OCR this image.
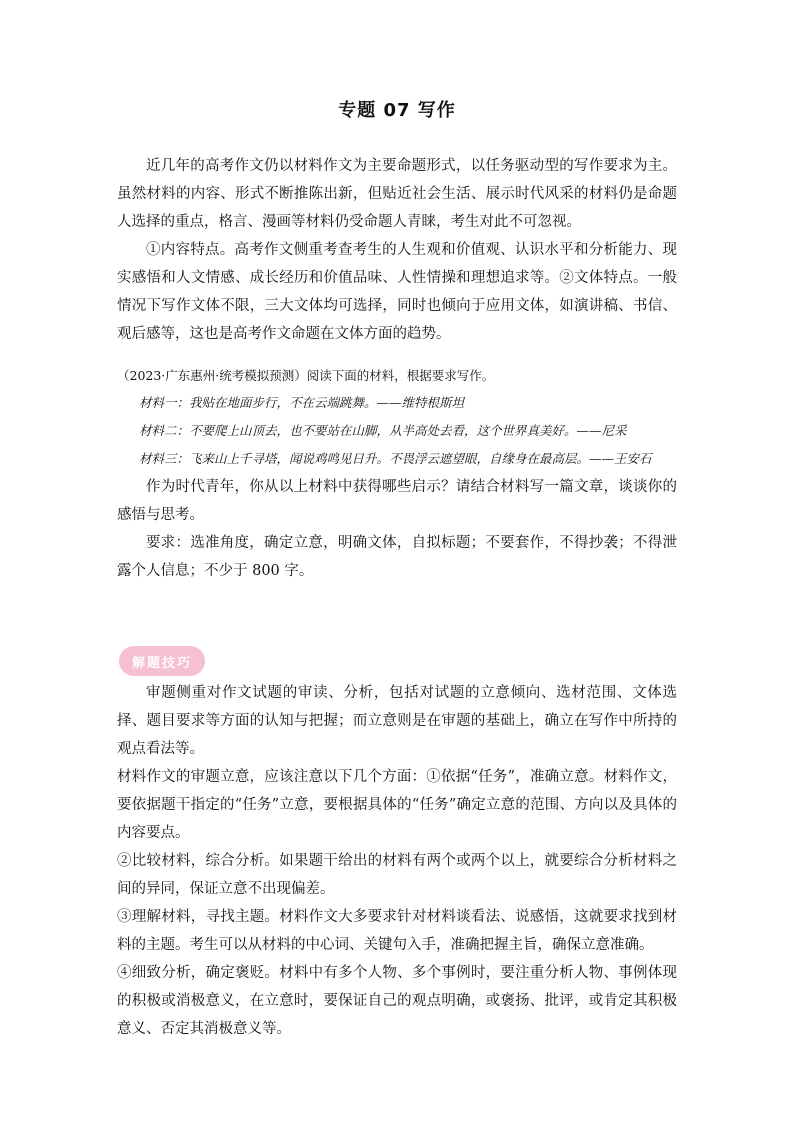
专题 07 写作

近几年的高考作文仍以材料作文为主要命题形式，以任务驱动型的写作要求为主。虽然材料的内容、形式不断推陈出新，但贴近社会生活、展示时代风采的材料仍是命题人选择的重点，格言、漫画等材料仍受命题人青睐，考生对此不可忽视。

①内容特点。高考作文侧重考查考生的人生观和价值观、认识水平和分析能力、现实感悟和人文情感、成长经历和价值品味、人性情操和理想追求等。②文体特点。一般情况下写作文体不限，三大文体均可选择，同时也倾向于应用文体，如演讲稿、书信、观后感等，这也是高考作文命题在文体方面的趋势。

（2023·广东惠州·统考模拟预测）阅读下面的材料，根据要求写作。

材料一：我贴在地面步行，不在云端跳舞。——维特根斯坦

材料二：不要爬上山顶去，也不要站在山脚，从半高处去看，这个世界真美好。——尼采

材料三：飞来山上千寻塔，闻说鸡鸣见日升。不畏浮云遮望眼，自缘身在最高层。——王安石

作为时代青年，你从以上材料中获得哪些启示？请结合材料写一篇文章，谈谈你的感悟与思考。

要求：选准角度，确定立意，明确文体，自拟标题；不要套作，不得抄袭；不得泄露个人信息；不少于 800 字。

解题技巧

审题侧重对作文试题的审读、分析，包括对试题的立意倾向、选材范围、文体选择、题目要求等方面的认知与把握；而立意则是在审题的基础上，确立在写作中所持的观点看法等。

材料作文的审题立意，应该注意以下几个方面：①依据“任务”，准确立意。材料作文，要依据题干指定的“任务”立意，要根据具体的“任务”确定立意的范围、方向以及具体的内容要点。

②比较材料，综合分析。如果题干给出的材料有两个或两个以上，就要综合分析材料之间的异同，保证立意不出现偏差。

③理解材料，寻找主题。材料作文大多要求针对材料谈看法、说感悟，这就要求找到材料的主题。考生可以从材料的中心词、关键句入手，准确把握主旨，确保立意准确。

④细致分析，确定褒贬。材料中有多个人物、多个事例时，要注重分析人物、事例体现的积极或消极意义，在立意时，要保证自己的观点明确，或褒扬、批评，或肯定其积极意义、否定其消极意义等。
